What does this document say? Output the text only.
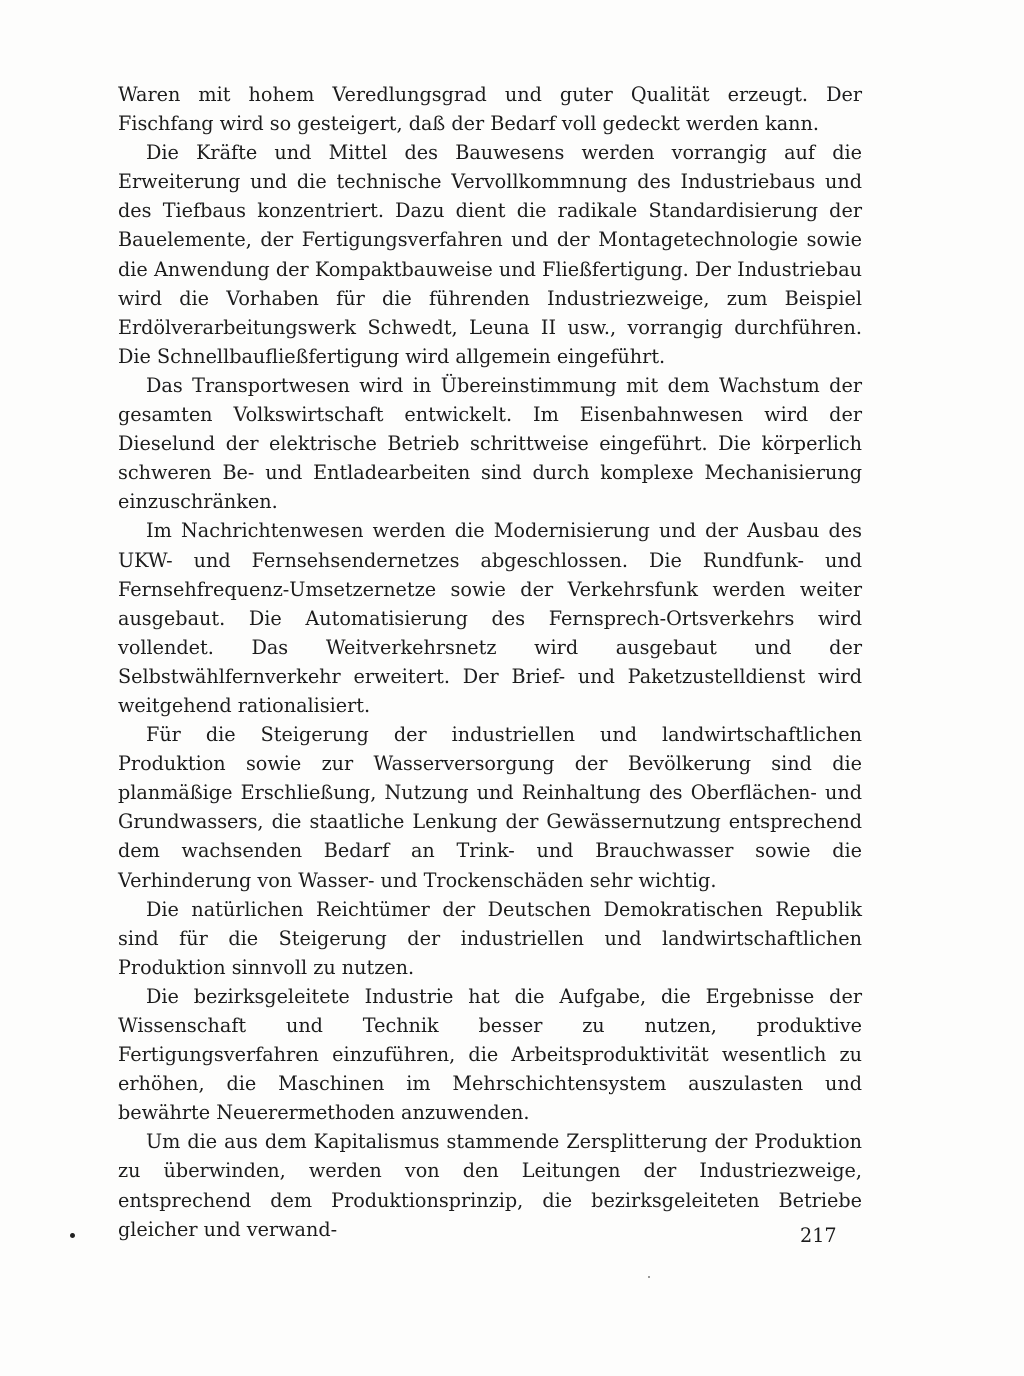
Waren mit hohem Veredlungsgrad und guter Qualität erzeugt. Der Fischfang wird so gesteigert, daß der Bedarf voll gedeckt werden kann.

Die Kräfte und Mittel des Bauwesens werden vorrangig auf die Erweiterung und die technische Vervollkommnung des Industriebaus und des Tiefbaus konzentriert. Dazu dient die radikale Standardisierung der Bauelemente, der Fertigungsverfahren und der Montagetechnologie sowie die Anwendung der Kompaktbauweise und Fließfertigung. Der Industriebau wird die Vorhaben für die führenden Industriezweige, zum Beispiel Erdölverarbeitungswerk Schwedt, Leuna II usw., vorrangig durchführen. Die Schnellbaufließfertigung wird allgemein eingeführt.

Das Transportwesen wird in Übereinstimmung mit dem Wachstum der gesamten Volkswirtschaft entwickelt. Im Eisenbahnwesen wird der Dieselund der elektrische Betrieb schrittweise eingeführt. Die körperlich schweren Be- und Entladearbeiten sind durch komplexe Mechanisierung einzuschränken.

Im Nachrichtenwesen werden die Modernisierung und der Ausbau des UKW- und Fernsehsendernetzes abgeschlossen. Die Rundfunk- und Fernsehfrequenz-Umsetzernetze sowie der Verkehrsfunk werden weiter ausgebaut. Die Automatisierung des Fernsprech-Ortsverkehrs wird vollendet. Das Weitverkehrsnetz wird ausgebaut und der Selbstwählfernverkehr erweitert. Der Brief- und Paketzustelldienst wird weitgehend rationalisiert.

Für die Steigerung der industriellen und landwirtschaftlichen Produktion sowie zur Wasserversorgung der Bevölkerung sind die planmäßige Erschließung, Nutzung und Reinhaltung des Oberflächen- und Grundwassers, die staatliche Lenkung der Gewässernutzung entsprechend dem wachsenden Bedarf an Trink- und Brauchwasser sowie die Verhinderung von Wasser- und Trockenschäden sehr wichtig.

Die natürlichen Reichtümer der Deutschen Demokratischen Republik sind für die Steigerung der industriellen und landwirtschaftlichen Produktion sinnvoll zu nutzen.

Die bezirksgeleitete Industrie hat die Aufgabe, die Ergebnisse der Wissenschaft und Technik besser zu nutzen, produktive Fertigungsverfahren einzuführen, die Arbeitsproduktivität wesentlich zu erhöhen, die Maschinen im Mehrschichtensystem auszulasten und bewährte Neuerermethoden anzuwenden.

Um die aus dem Kapitalismus stammende Zersplitterung der Produktion zu überwinden, werden von den Leitungen der Industriezweige, entsprechend dem Produktionsprinzip, die bezirksgeleiteten Betriebe gleicher und verwand-	217
